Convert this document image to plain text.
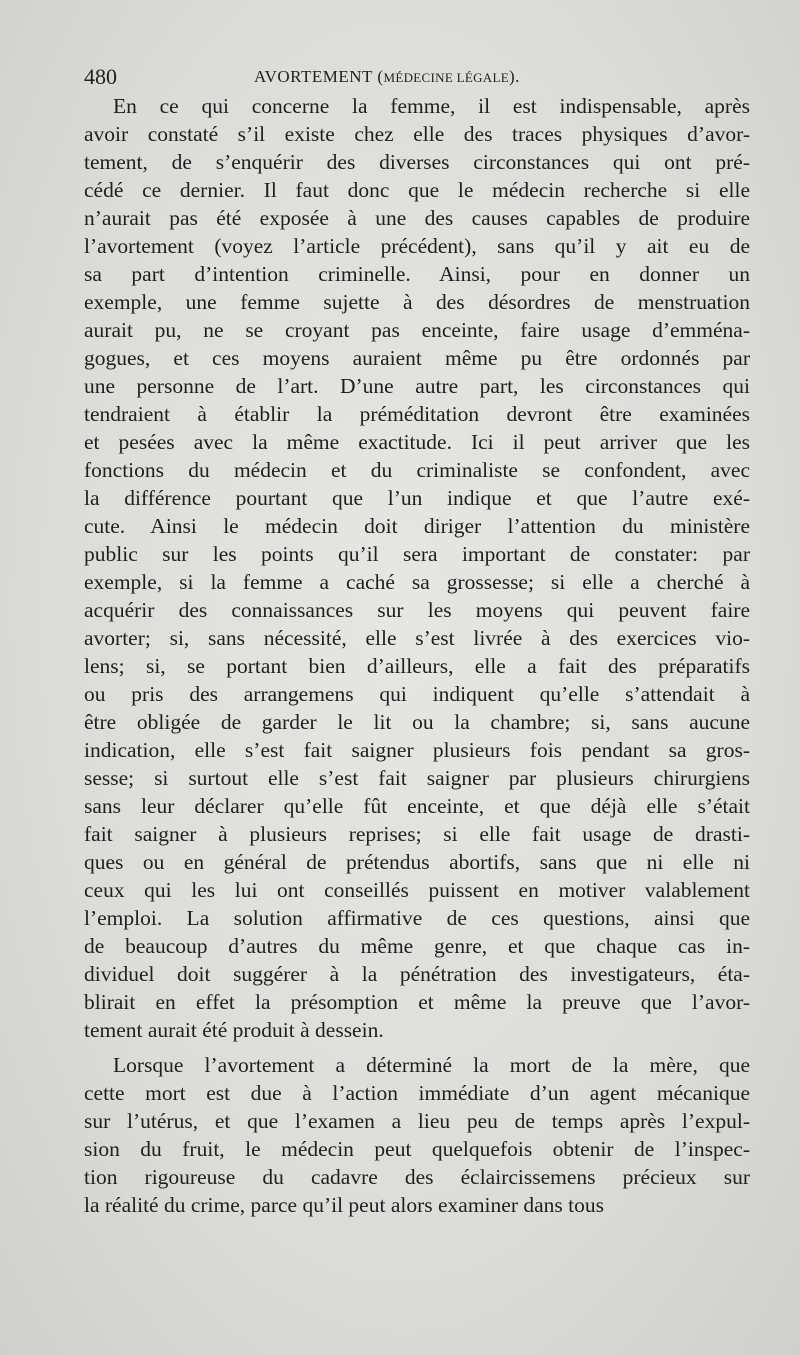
480	AVORTEMENT (MÉDECINE LÉGALE).
En ce qui concerne la femme, il est indispensable, après
avoir constaté s’il existe chez elle des traces physiques d’avor-
tement, de s’enquérir des diverses circonstances qui ont pré-
cédé ce dernier. Il faut donc que le médecin recherche si elle
n’aurait pas été exposée à une des causes capables de produire
l’avortement (voyez l’article précédent), sans qu’il y ait eu de
sa part d’intention criminelle. Ainsi, pour en donner un
exemple, une femme sujette à des désordres de menstruation
aurait pu, ne se croyant pas enceinte, faire usage d’emména-
gogues, et ces moyens auraient même pu être ordonnés par
une personne de l’art. D’une autre part, les circonstances qui
tendraient à établir la préméditation devront être examinées
et pesées avec la même exactitude. Ici il peut arriver que les
fonctions du médecin et du criminaliste se confondent, avec
la différence pourtant que l’un indique et que l’autre exé-
cute. Ainsi le médecin doit diriger l’attention du ministère
public sur les points qu’il sera important de constater: par
exemple, si la femme a caché sa grossesse; si elle a cherché à
acquérir des connaissances sur les moyens qui peuvent faire
avorter; si, sans nécessité, elle s’est livrée à des exercices vio-
lens; si, se portant bien d’ailleurs, elle a fait des préparatifs
ou pris des arrangemens qui indiquent qu’elle s’attendait à
être obligée de garder le lit ou la chambre; si, sans aucune
indication, elle s’est fait saigner plusieurs fois pendant sa gros-
sesse; si surtout elle s’est fait saigner par plusieurs chirurgiens
sans leur déclarer qu’elle fût enceinte, et que déjà elle s’était
fait saigner à plusieurs reprises; si elle fait usage de drasti-
ques ou en général de prétendus abortifs, sans que ni elle ni
ceux qui les lui ont conseillés puissent en motiver valablement
l’emploi. La solution affirmative de ces questions, ainsi que
de beaucoup d’autres du même genre, et que chaque cas in-
dividuel doit suggérer à la pénétration des investigateurs, éta-
blirait en effet la présomption et même la preuve que l’avor-
tement aurait été produit à dessein.
Lorsque l’avortement a déterminé la mort de la mère, que
cette mort est due à l’action immédiate d’un agent mécanique
sur l’utérus, et que l’examen a lieu peu de temps après l’expul-
sion du fruit, le médecin peut quelquefois obtenir de l’inspec-
tion rigoureuse du cadavre des éclaircissemens précieux sur
la réalité du crime, parce qu’il peut alors examiner dans tous
